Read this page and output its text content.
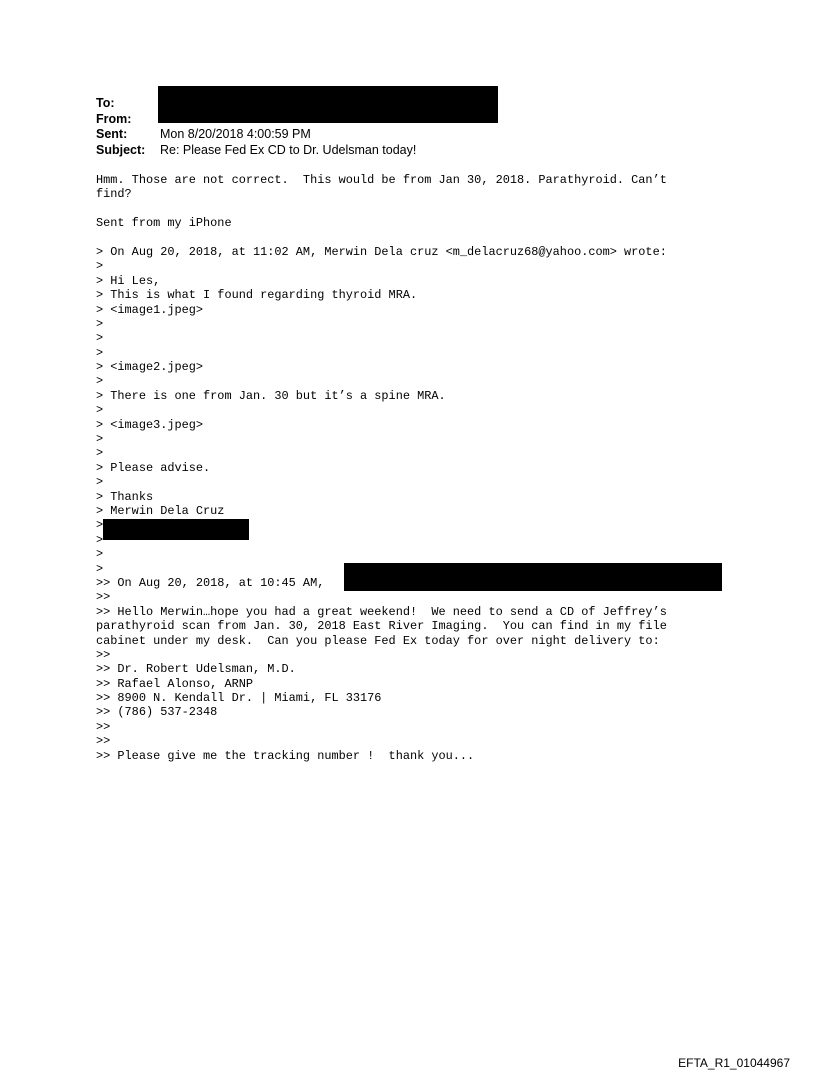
To:
From:
Sent:	Mon 8/20/2018 4:00:59 PM
Subject:	Re: Please Fed Ex CD to Dr. Udelsman today!
Hmm. Those are not correct.  This would be from Jan 30, 2018. Parathyroid. Can’t
find?
Sent from my iPhone
> On Aug 20, 2018, at 11:02 AM, Merwin Dela cruz <m_delacruz68@yahoo.com> wrote:
>
> Hi Les,
> This is what I found regarding thyroid MRA.
> <image1.jpeg>
>
>
>
> <image2.jpeg>
>
> There is one from Jan. 30 but it’s a spine MRA.
>
> <image3.jpeg>
>
>
> Please advise.
>
> Thanks
> Merwin Dela Cruz
>
>
>
>
>> On Aug 20, 2018, at 10:45 AM,
>>
>> Hello Merwin…hope you had a great weekend!  We need to send a CD of Jeffrey’s
parathyroid scan from Jan. 30, 2018 East River Imaging.  You can find in my file
cabinet under my desk.  Can you please Fed Ex today for over night delivery to:
>>
>> Dr. Robert Udelsman, M.D.
>> Rafael Alonso, ARNP
>> 8900 N. Kendall Dr. | Miami, FL 33176
>> (786) 537-2348
>>
>>
>> Please give me the tracking number !  thank you...
EFTA_R1_01044967
